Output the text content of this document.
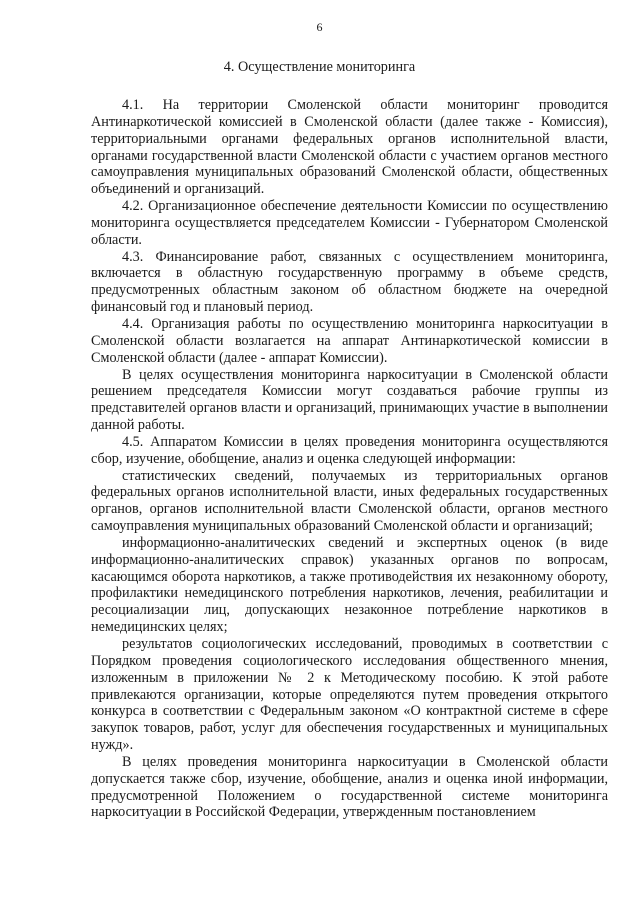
6
4. Осуществление мониторинга

4.1. На территории Смоленской области мониторинг проводится Антинаркотической комиссией в Смоленской области (далее также - Комиссия), территориальными органами федеральных органов исполнительной власти, органами государственной власти Смоленской области с участием органов местного самоуправления муниципальных образований Смоленской области, общественных объединений и организаций.

4.2. Организационное обеспечение деятельности Комиссии по осуществлению мониторинга осуществляется председателем Комиссии - Губернатором Смоленской области.

4.3. Финансирование работ, связанных с осуществлением мониторинга, включается в областную государственную программу в объеме средств, предусмотренных областным законом об областном бюджете на очередной финансовый год и плановый период.

4.4. Организация работы по осуществлению мониторинга наркоситуации в Смоленской области возлагается на аппарат Антинаркотической комиссии в Смоленской области (далее - аппарат Комиссии).

В целях осуществления мониторинга наркоситуации в Смоленской области решением председателя Комиссии могут создаваться рабочие группы из представителей органов власти и организаций, принимающих участие в выполнении данной работы.

4.5. Аппаратом Комиссии в целях проведения мониторинга осуществляются сбор, изучение, обобщение, анализ и оценка следующей информации:

статистических сведений, получаемых из территориальных органов федеральных органов исполнительной власти, иных федеральных государственных органов, органов исполнительной власти Смоленской области, органов местного самоуправления муниципальных образований Смоленской области и организаций;

информационно-аналитических сведений и экспертных оценок (в виде информационно-аналитических справок) указанных органов по вопросам, касающимся оборота наркотиков, а также противодействия их незаконному обороту, профилактики немедицинского потребления наркотиков, лечения, реабилитации и ресоциализации лиц, допускающих незаконное потребление наркотиков в немедицинских целях;

результатов социологических исследований, проводимых в соответствии с Порядком проведения социологического исследования общественного мнения, изложенным в приложении № 2 к Методическому пособию. К этой работе привлекаются организации, которые определяются путем проведения открытого конкурса в соответствии с Федеральным законом «О контрактной системе в сфере закупок товаров, работ, услуг для обеспечения государственных и муниципальных нужд».

В целях проведения мониторинга наркоситуации в Смоленской области допускается также сбор, изучение, обобщение, анализ и оценка иной информации, предусмотренной Положением о государственной системе мониторинга наркоситуации в Российской Федерации, утвержденным постановлением
